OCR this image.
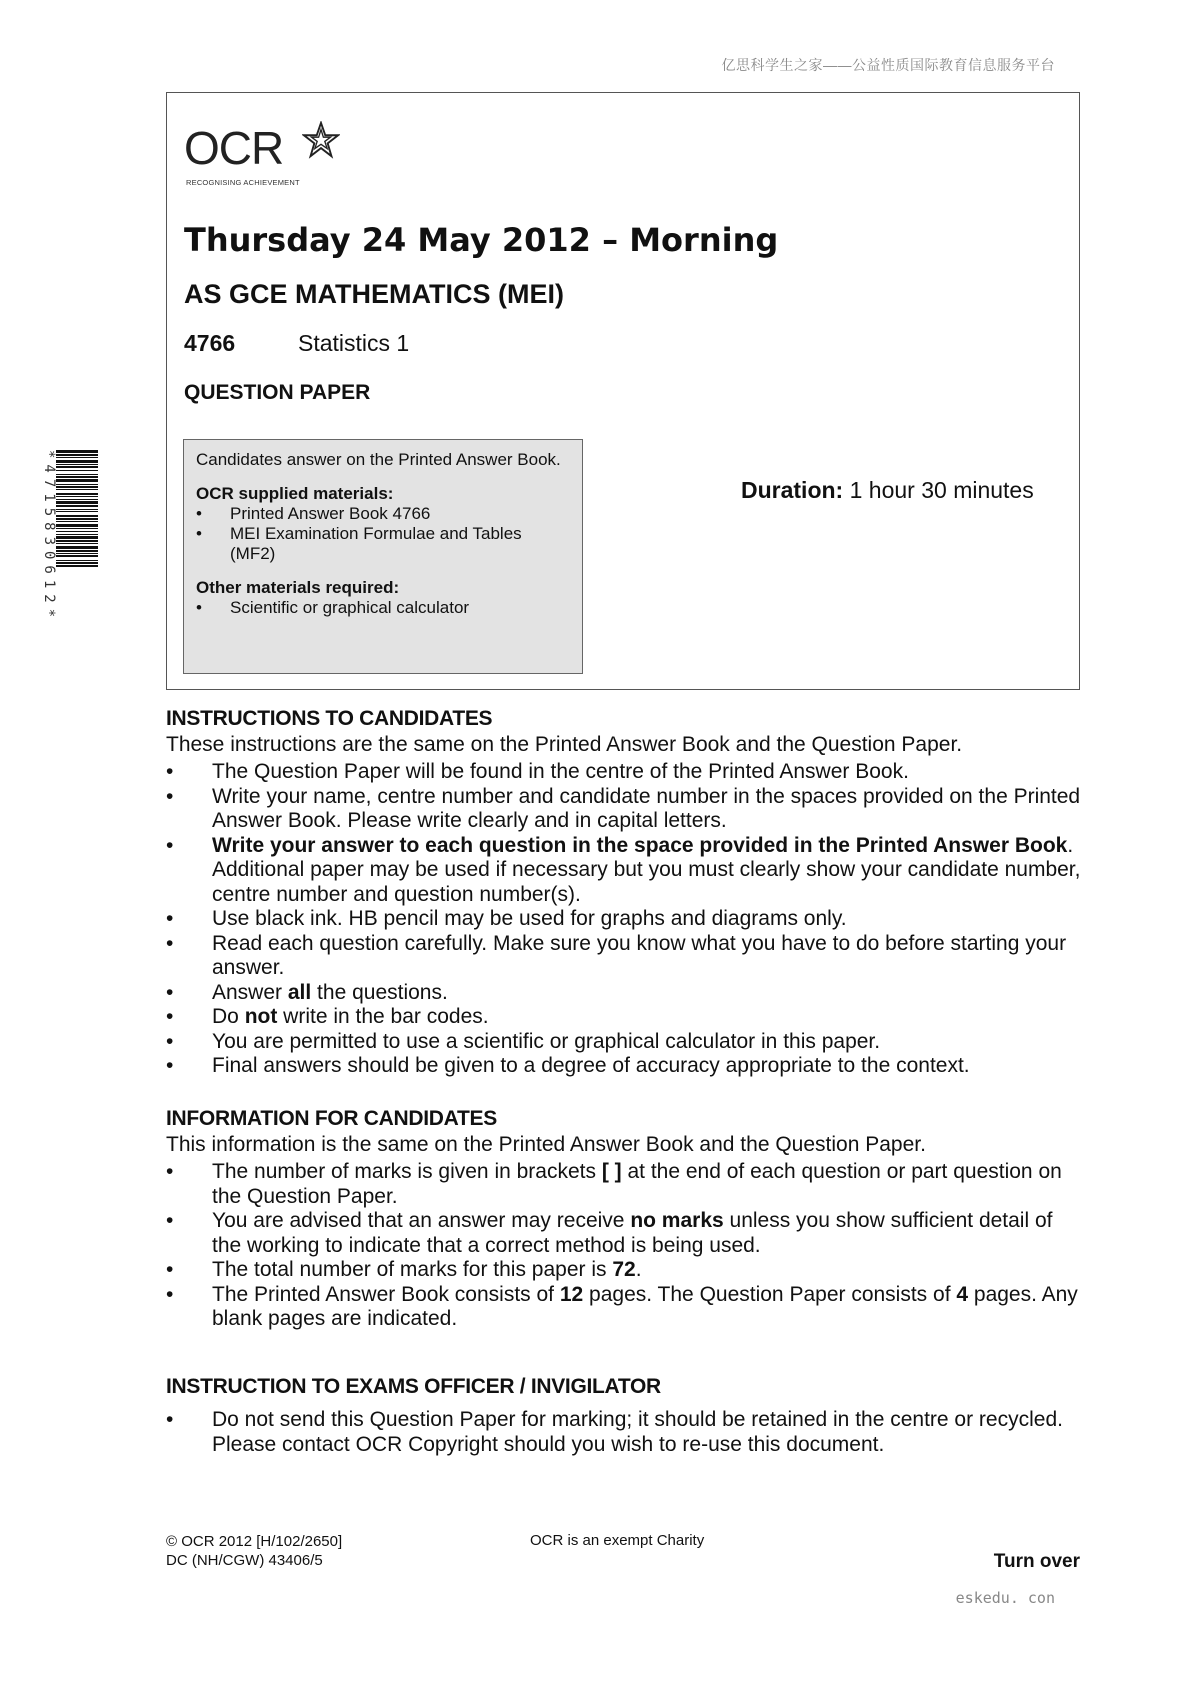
亿思科学生之家——公益性质国际教育信息服务平台
*4715830612*
OCR
RECOGNISING ACHIEVEMENT
Thursday 24 May 2012 – Morning
AS GCE MATHEMATICS (MEI)
4766	Statistics 1
QUESTION PAPER

Candidates answer on the Printed Answer Book.

OCR supplied materials:

•	Printed Answer Book 4766
•	MEI Examination Formulae and Tables (MF2)

Other materials required:

•	Scientific or graphical calculator
Duration: 1 hour 30 minutes
INSTRUCTIONS TO CANDIDATES

These instructions are the same on the Printed Answer Book and the Question Paper.

•	The Question Paper will be found in the centre of the Printed Answer Book.
•	Write your name, centre number and candidate number in the spaces provided on the Printed Answer Book. Please write clearly and in capital letters.
•	Write your answer to each question in the space provided in the Printed Answer Book. Additional paper may be used if necessary but you must clearly show your candidate number, centre number and question number(s).
•	Use black ink. HB pencil may be used for graphs and diagrams only.
•	Read each question carefully. Make sure you know what you have to do before starting your answer.
•	Answer all the questions.
•	Do not write in the bar codes.
•	You are permitted to use a scientific or graphical calculator in this paper.
•	Final answers should be given to a degree of accuracy appropriate to the context.
INFORMATION FOR CANDIDATES

This information is the same on the Printed Answer Book and the Question Paper.

•	The number of marks is given in brackets [ ] at the end of each question or part question on the Question Paper.
•	You are advised that an answer may receive no marks unless you show sufficient detail of the working to indicate that a correct method is being used.
•	The total number of marks for this paper is 72.
•	The Printed Answer Book consists of 12 pages. The Question Paper consists of 4 pages. Any blank pages are indicated.
INSTRUCTION TO EXAMS OFFICER / INVIGILATOR
•	Do not send this Question Paper for marking; it should be retained in the centre or recycled. Please contact OCR Copyright should you wish to re-use this document.
© OCR 2012 [H/102/2650]
DC (NH/CGW) 43406/5
OCR is an exempt Charity
Turn over
eskedu. con
